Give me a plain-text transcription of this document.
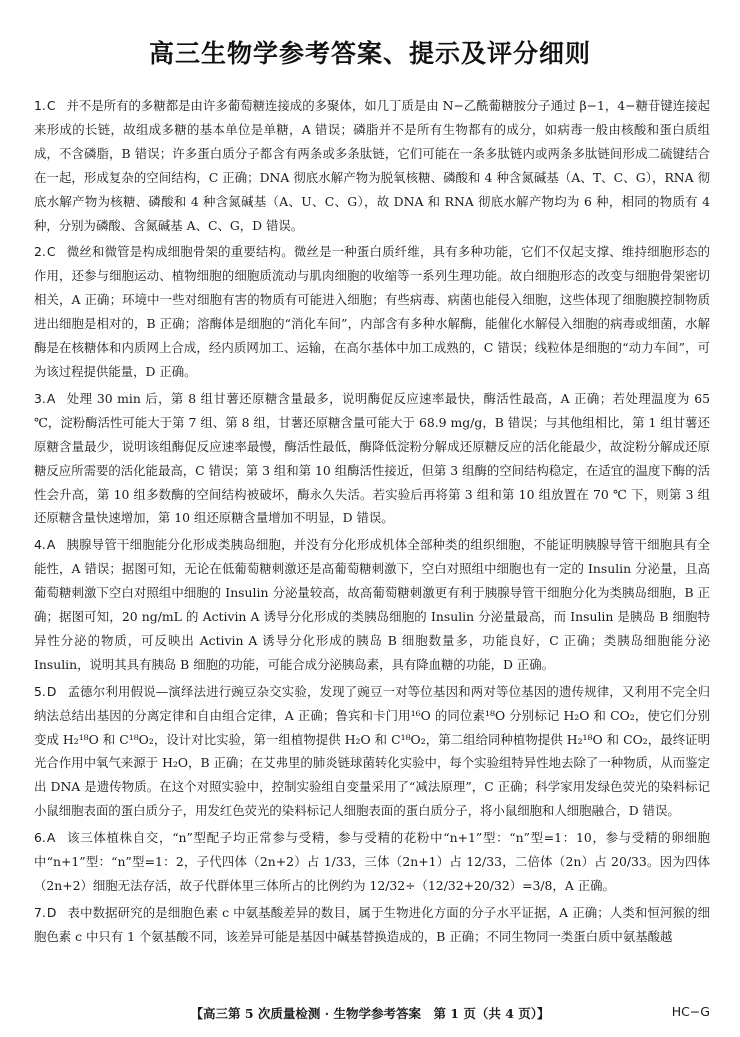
高三生物学参考答案、提示及评分细则

1.C 并不是所有的多糖都是由许多葡萄糖连接成的多聚体，如几丁质是由 N−乙酰葡糖胺分子通过 β−1，4−糖苷键连接起来形成的长链，故组成多糖的基本单位是单糖，A 错误；磷脂并不是所有生物都有的成分，如病毒一般由核酸和蛋白质组成，不含磷脂，B 错误；许多蛋白质分子都含有两条或多条肽链，它们可能在一条多肽链内或两条多肽链间形成二硫键结合在一起，形成复杂的空间结构，C 正确；DNA 彻底水解产物为脱氧核糖、磷酸和 4 种含氮碱基（A、T、C、G），RNA 彻底水解产物为核糖、磷酸和 4 种含氮碱基（A、U、C、G），故 DNA 和 RNA 彻底水解产物均为 6 种，相同的物质有 4 种，分别为磷酸、含氮碱基 A、C、G，D 错误。

2.C 微丝和微管是构成细胞骨架的重要结构。微丝是一种蛋白质纤维，具有多种功能，它们不仅起支撑、维持细胞形态的作用，还参与细胞运动、植物细胞的细胞质流动与肌肉细胞的收缩等一系列生理功能。故白细胞形态的改变与细胞骨架密切相关，A 正确；环境中一些对细胞有害的物质有可能进入细胞；有些病毒、病菌也能侵入细胞，这些体现了细胞膜控制物质进出细胞是相对的，B 正确；溶酶体是细胞的“消化车间”，内部含有多种水解酶，能催化水解侵入细胞的病毒或细菌，水解酶是在核糖体和内质网上合成，经内质网加工、运输，在高尔基体中加工成熟的，C 错误；线粒体是细胞的“动力车间”，可为该过程提供能量，D 正确。

3.A 处理 30 min 后，第 8 组甘薯还原糖含量最多，说明酶促反应速率最快，酶活性最高，A 正确；若处理温度为 65 ℃，淀粉酶活性可能大于第 7 组、第 8 组，甘薯还原糖含量可能大于 68.9 mg/g，B 错误；与其他组相比，第 1 组甘薯还原糖含量最少，说明该组酶促反应速率最慢，酶活性最低，酶降低淀粉分解成还原糖反应的活化能最少，故淀粉分解成还原糖反应所需要的活化能最高，C 错误；第 3 组和第 10 组酶活性接近，但第 3 组酶的空间结构稳定，在适宜的温度下酶的活性会升高，第 10 组多数酶的空间结构被破坏，酶永久失活。若实验后再将第 3 组和第 10 组放置在 70 ℃ 下，则第 3 组还原糖含量快速增加，第 10 组还原糖含量增加不明显，D 错误。

4.A 胰腺导管干细胞能分化形成类胰岛细胞，并没有分化形成机体全部种类的组织细胞，不能证明胰腺导管干细胞具有全能性，A 错误；据图可知，无论在低葡萄糖刺激还是高葡萄糖刺激下，空白对照组中细胞也有一定的 Insulin 分泌量，且高葡萄糖刺激下空白对照组中细胞的 Insulin 分泌量较高，故高葡萄糖刺激更有利于胰腺导管干细胞分化为类胰岛细胞，B 正确；据图可知，20 ng/mL 的 Activin A 诱导分化形成的类胰岛细胞的 Insulin 分泌量最高，而 Insulin 是胰岛 B 细胞特异性分泌的物质，可反映出 Activin A 诱导分化形成的胰岛 B 细胞数量多，功能良好，C 正确；类胰岛细胞能分泌 Insulin，说明其具有胰岛 B 细胞的功能，可能合成分泌胰岛素，具有降血糖的功能，D 正确。

5.D 孟德尔利用假说—演绎法进行豌豆杂交实验，发现了豌豆一对等位基因和两对等位基因的遗传规律，又利用不完全归纳法总结出基因的分离定律和自由组合定律，A 正确；鲁宾和卡门用¹⁶O 的同位素¹⁸O 分别标记 H₂O 和 CO₂，使它们分别变成 H₂¹⁸O 和 C¹⁸O₂，设计对比实验，第一组植物提供 H₂O 和 C¹⁸O₂，第二组给同种植物提供 H₂¹⁸O 和 CO₂，最终证明光合作用中氧气来源于 H₂O，B 正确；在艾弗里的肺炎链球菌转化实验中，每个实验组特异性地去除了一种物质，从而鉴定出 DNA 是遗传物质。在这个对照实验中，控制实验组自变量采用了“减法原理”，C 正确；科学家用发绿色荧光的染料标记小鼠细胞表面的蛋白质分子，用发红色荧光的染料标记人细胞表面的蛋白质分子，将小鼠细胞和人细胞融合，D 错误。

6.A 该三体植株自交，“n”型配子均正常参与受精，参与受精的花粉中“n+1”型：“n”型=1：10，参与受精的卵细胞中“n+1”型：“n”型=1：2，子代四体（2n+2）占 1/33，三体（2n+1）占 12/33，二倍体（2n）占 20/33。因为四体（2n+2）细胞无法存活，故子代群体里三体所占的比例约为 12/32÷（12/32+20/32）=3/8，A 正确。

7.D 表中数据研究的是细胞色素 c 中氨基酸差异的数目，属于生物进化方面的分子水平证据，A 正确；人类和恒河猴的细胞色素 c 中只有 1 个氨基酸不同，该差异可能是基因中碱基替换造成的，B 正确；不同生物同一类蛋白质中氨基酸越

【高三第 5 次质量检测 · 生物学参考答案　第 1 页（共 4 页）】	HC−G
